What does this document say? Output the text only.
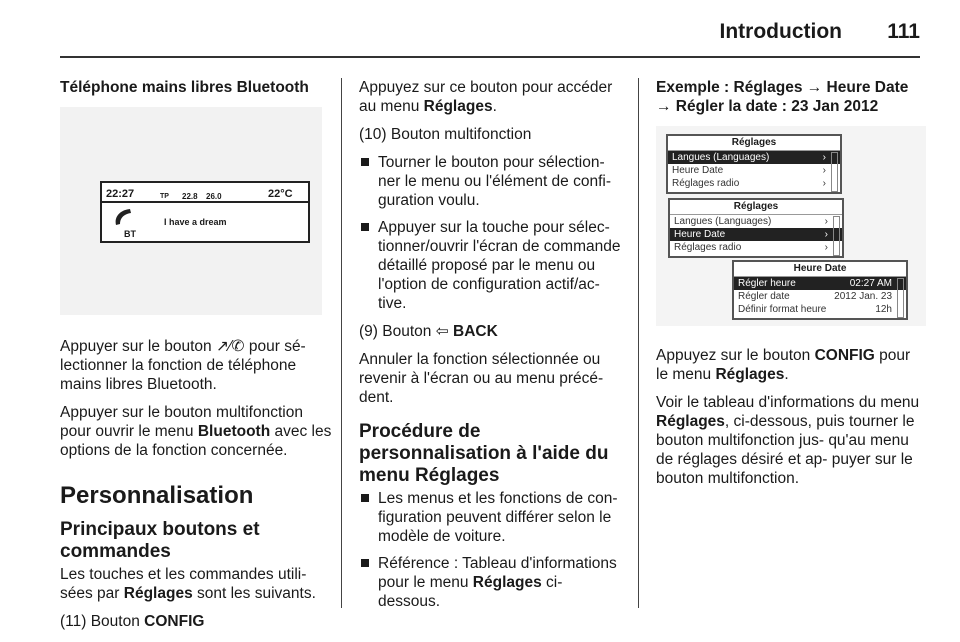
Introduction 111
Téléphone mains libres Bluetooth
22:27	TP 22.8 26.0	22°C
BT
I have a dream

Appuyer sur le bouton ↗⁄✆ pour sé- lectionner la fonction de téléphone mains libres Bluetooth.

Appuyer sur le bouton multifonction pour ouvrir le menu Bluetooth avec les options de la fonction concernée.

Personnalisation
Principaux boutons et commandes

Les touches et les commandes utili- sées par Réglages sont les suivants.

(11) Bouton CONFIG

Appuyez sur ce bouton pour accéder au menu Réglages.

(10) Bouton multifonction

Tourner le bouton pour sélection- ner le menu ou l'élément de confi- guration voulu.
Appuyer sur la touche pour sélec- tionner/ouvrir l'écran de commande détaillé proposé par le menu ou l'option de configuration actif/ac- tive.

(9) Bouton ⇦ BACK

Annuler la fonction sélectionnée ou revenir à l'écran ou au menu précé- dent.

Procédure de personnalisation à l'aide du menu Réglages
Les menus et les fonctions de con- figuration peuvent différer selon le modèle de voiture.
Référence : Tableau d'informations pour le menu Réglages ci-dessous.
Exemple : Réglages → Heure Date → Régler la date : 23 Jan 2012
Réglages
Langues (Languages)	›
Heure Date	›
Réglages radio	›
Réglages
Langues (Languages)	›
Heure Date	›
Réglages radio	›
Heure Date
Régler heure	02:27 AM
Régler date	2012 Jan. 23
Définir format heure	12h

Appuyez sur le bouton CONFIG pour le menu Réglages.

Voir le tableau d'informations du menu Réglages, ci-dessous, puis tourner le bouton multifonction jus- qu'au menu de réglages désiré et ap- puyer sur le bouton multifonction.
